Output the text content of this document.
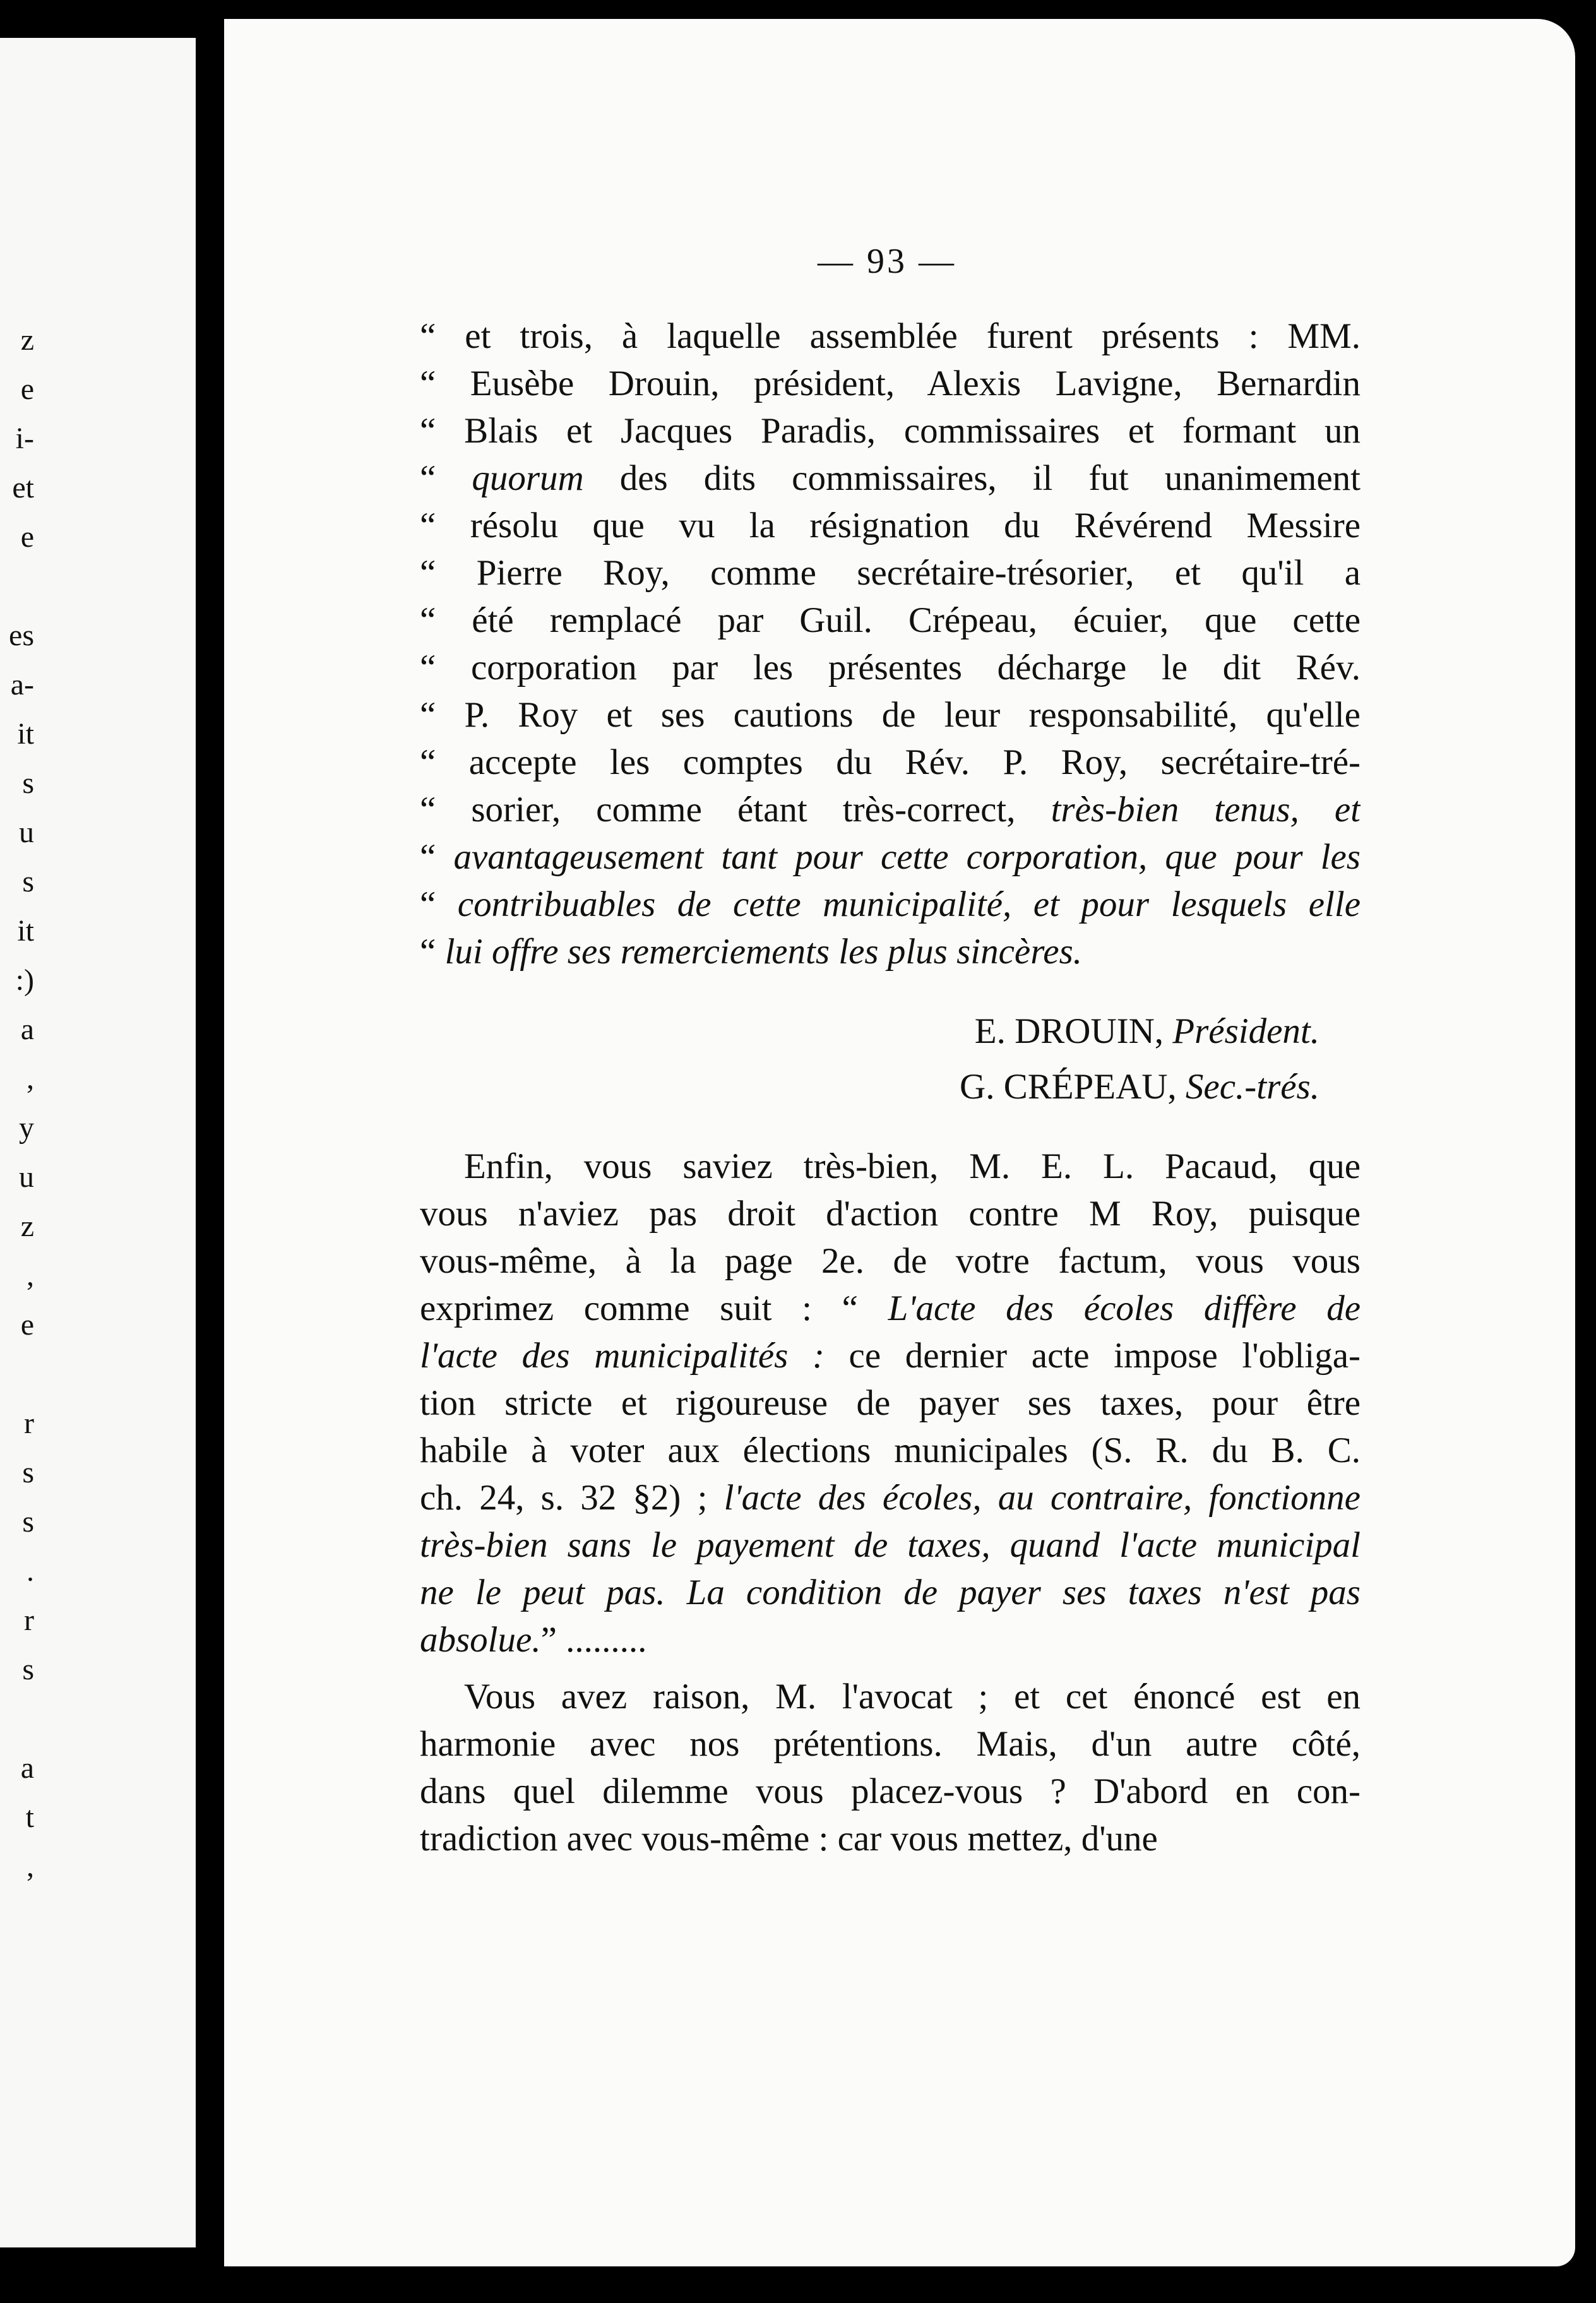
z
e
i-
et
e
es
a-
it
s
u
s
it
:)
a
,
y
u
z
,
e
r
s
s
.
r
s
a
t
,
— 93 —
“ et trois, à laquelle assemblée furent présents : MM.
“ Eusèbe Drouin, président, Alexis Lavigne, Bernardin
“ Blais et Jacques Paradis, commissaires et formant un
“ quorum des dits commissaires, il fut unanimement
“ résolu que vu la résignation du Révérend Messire
“ Pierre Roy, comme secrétaire-trésorier, et qu'il a
“ été remplacé par Guil. Crépeau, écuier, que cette
“ corporation par les présentes décharge le dit Rév.
“ P. Roy et ses cautions de leur responsabilité, qu'elle
“ accepte les comptes du Rév. P. Roy, secrétaire-tré-
“ sorier, comme étant très-correct, très-bien tenus, et
“ avantageusement tant pour cette corporation, que pour les
“ contribuables de cette municipalité, et pour lesquels elle
“ lui offre ses remerciements les plus sincères.
E. DROUIN, Président.
G. CRÉPEAU, Sec.-trés.
Enfin, vous saviez très-bien, M. E. L. Pacaud, que
vous n'aviez pas droit d'action contre M Roy, puisque
vous-même, à la page 2e. de votre factum, vous vous
exprimez comme suit : “ L'acte des écoles diffère de
l'acte des municipalités : ce dernier acte impose l'obliga-
tion stricte et rigoureuse de payer ses taxes, pour être
habile à voter aux élections municipales (S. R. du B. C.
ch. 24, s. 32 §2) ; l'acte des écoles, au contraire, fonctionne
très-bien sans le payement de taxes, quand l'acte municipal
ne le peut pas. La condition de payer ses taxes n'est pas
absolue.” .........
Vous avez raison, M. l'avocat ; et cet énoncé est en
harmonie avec nos prétentions. Mais, d'un autre côté,
dans quel dilemme vous placez-vous ? D'abord en con-
tradiction avec vous-même : car vous mettez, d'une
